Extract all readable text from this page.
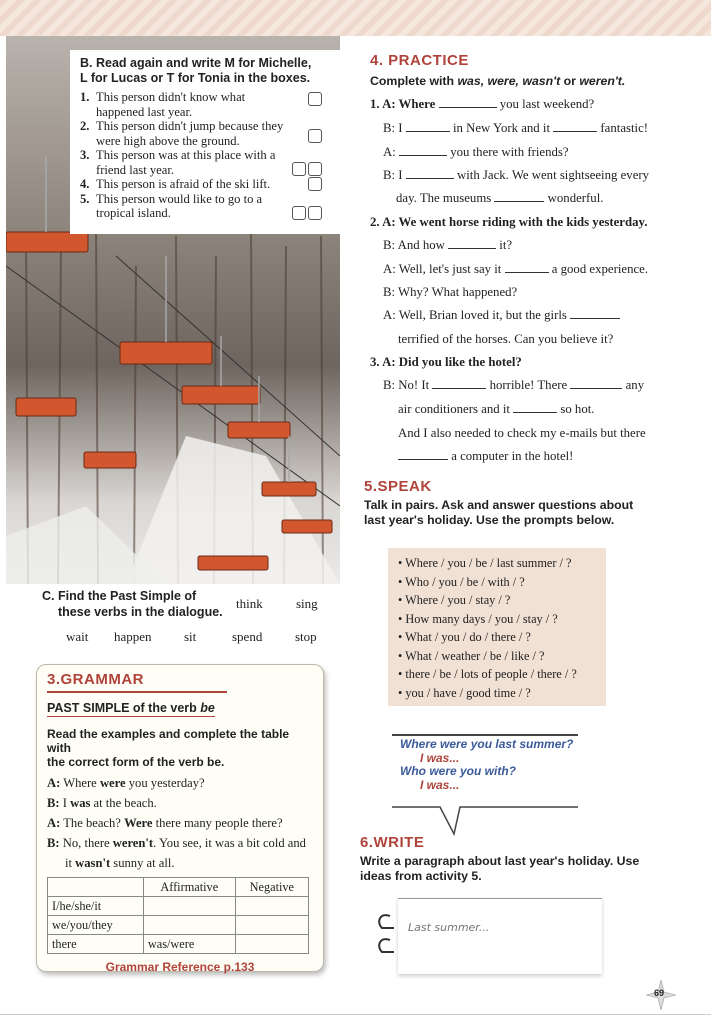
B. Read again and write M for Michelle,
L for Lucas or T for Tonia in the boxes.
1. This person didn't know what
happened last year.
2. This person didn't jump because they
were high above the ground.
3. This person was at this place with a
friend last year.
4. This person is afraid of the ski lift.
5. This person would like to go to a
tropical island.
C. Find the Past Simple of
these verbs in the dialogue.
think	sing
wait happen sit	spend	stop
3.GRAMMAR
PAST SIMPLE of the verb be
Read the examples and complete the table with
the correct form of the verb be.
A: Where were you yesterday?
B: I was at the beach.
A: The beach? Were there many people there?
B: No, there weren't. You see, it was a bit cold and
it wasn't sunny at all.
	Affirmative	Negative
I/he/she/it		
we/you/they		
there	was/were	
Grammar Reference p.133
4. PRACTICE
Complete with was, were, wasn't or weren't.
1. A: Where	you last weekend?
B: I	in New York and it	fantastic!
A:	you there with friends?
B: I	with Jack. We went sightseeing every
day. The museums	wonderful.
2. A: We went horse riding with the kids yesterday.
B: And how	it?
A: Well, let's just say it	a good experience.
B: Why? What happened?
A: Well, Brian loved it, but the girls
terrified of the horses. Can you believe it?
3. A: Did you like the hotel?
B: No! It	horrible! There	any
air conditioners and it	so hot.
And I also needed to check my e-mails but there
a computer in the hotel!
5.SPEAK
Talk in pairs. Ask and answer questions about
last year's holiday. Use the prompts below.
• Where / you / be / last summer / ?
• Who / you / be / with / ?
• Where / you / stay / ?
• How many days / you / stay / ?
• What / you / do / there / ?
• What / weather / be / like / ?
• there / be / lots of people / there / ?
• you / have / good time / ?
Where were you last summer?
I was...
Who were you with?
I was...
6.WRITE
Write a paragraph about last year's holiday. Use
ideas from activity 5.
Last summer...
69
